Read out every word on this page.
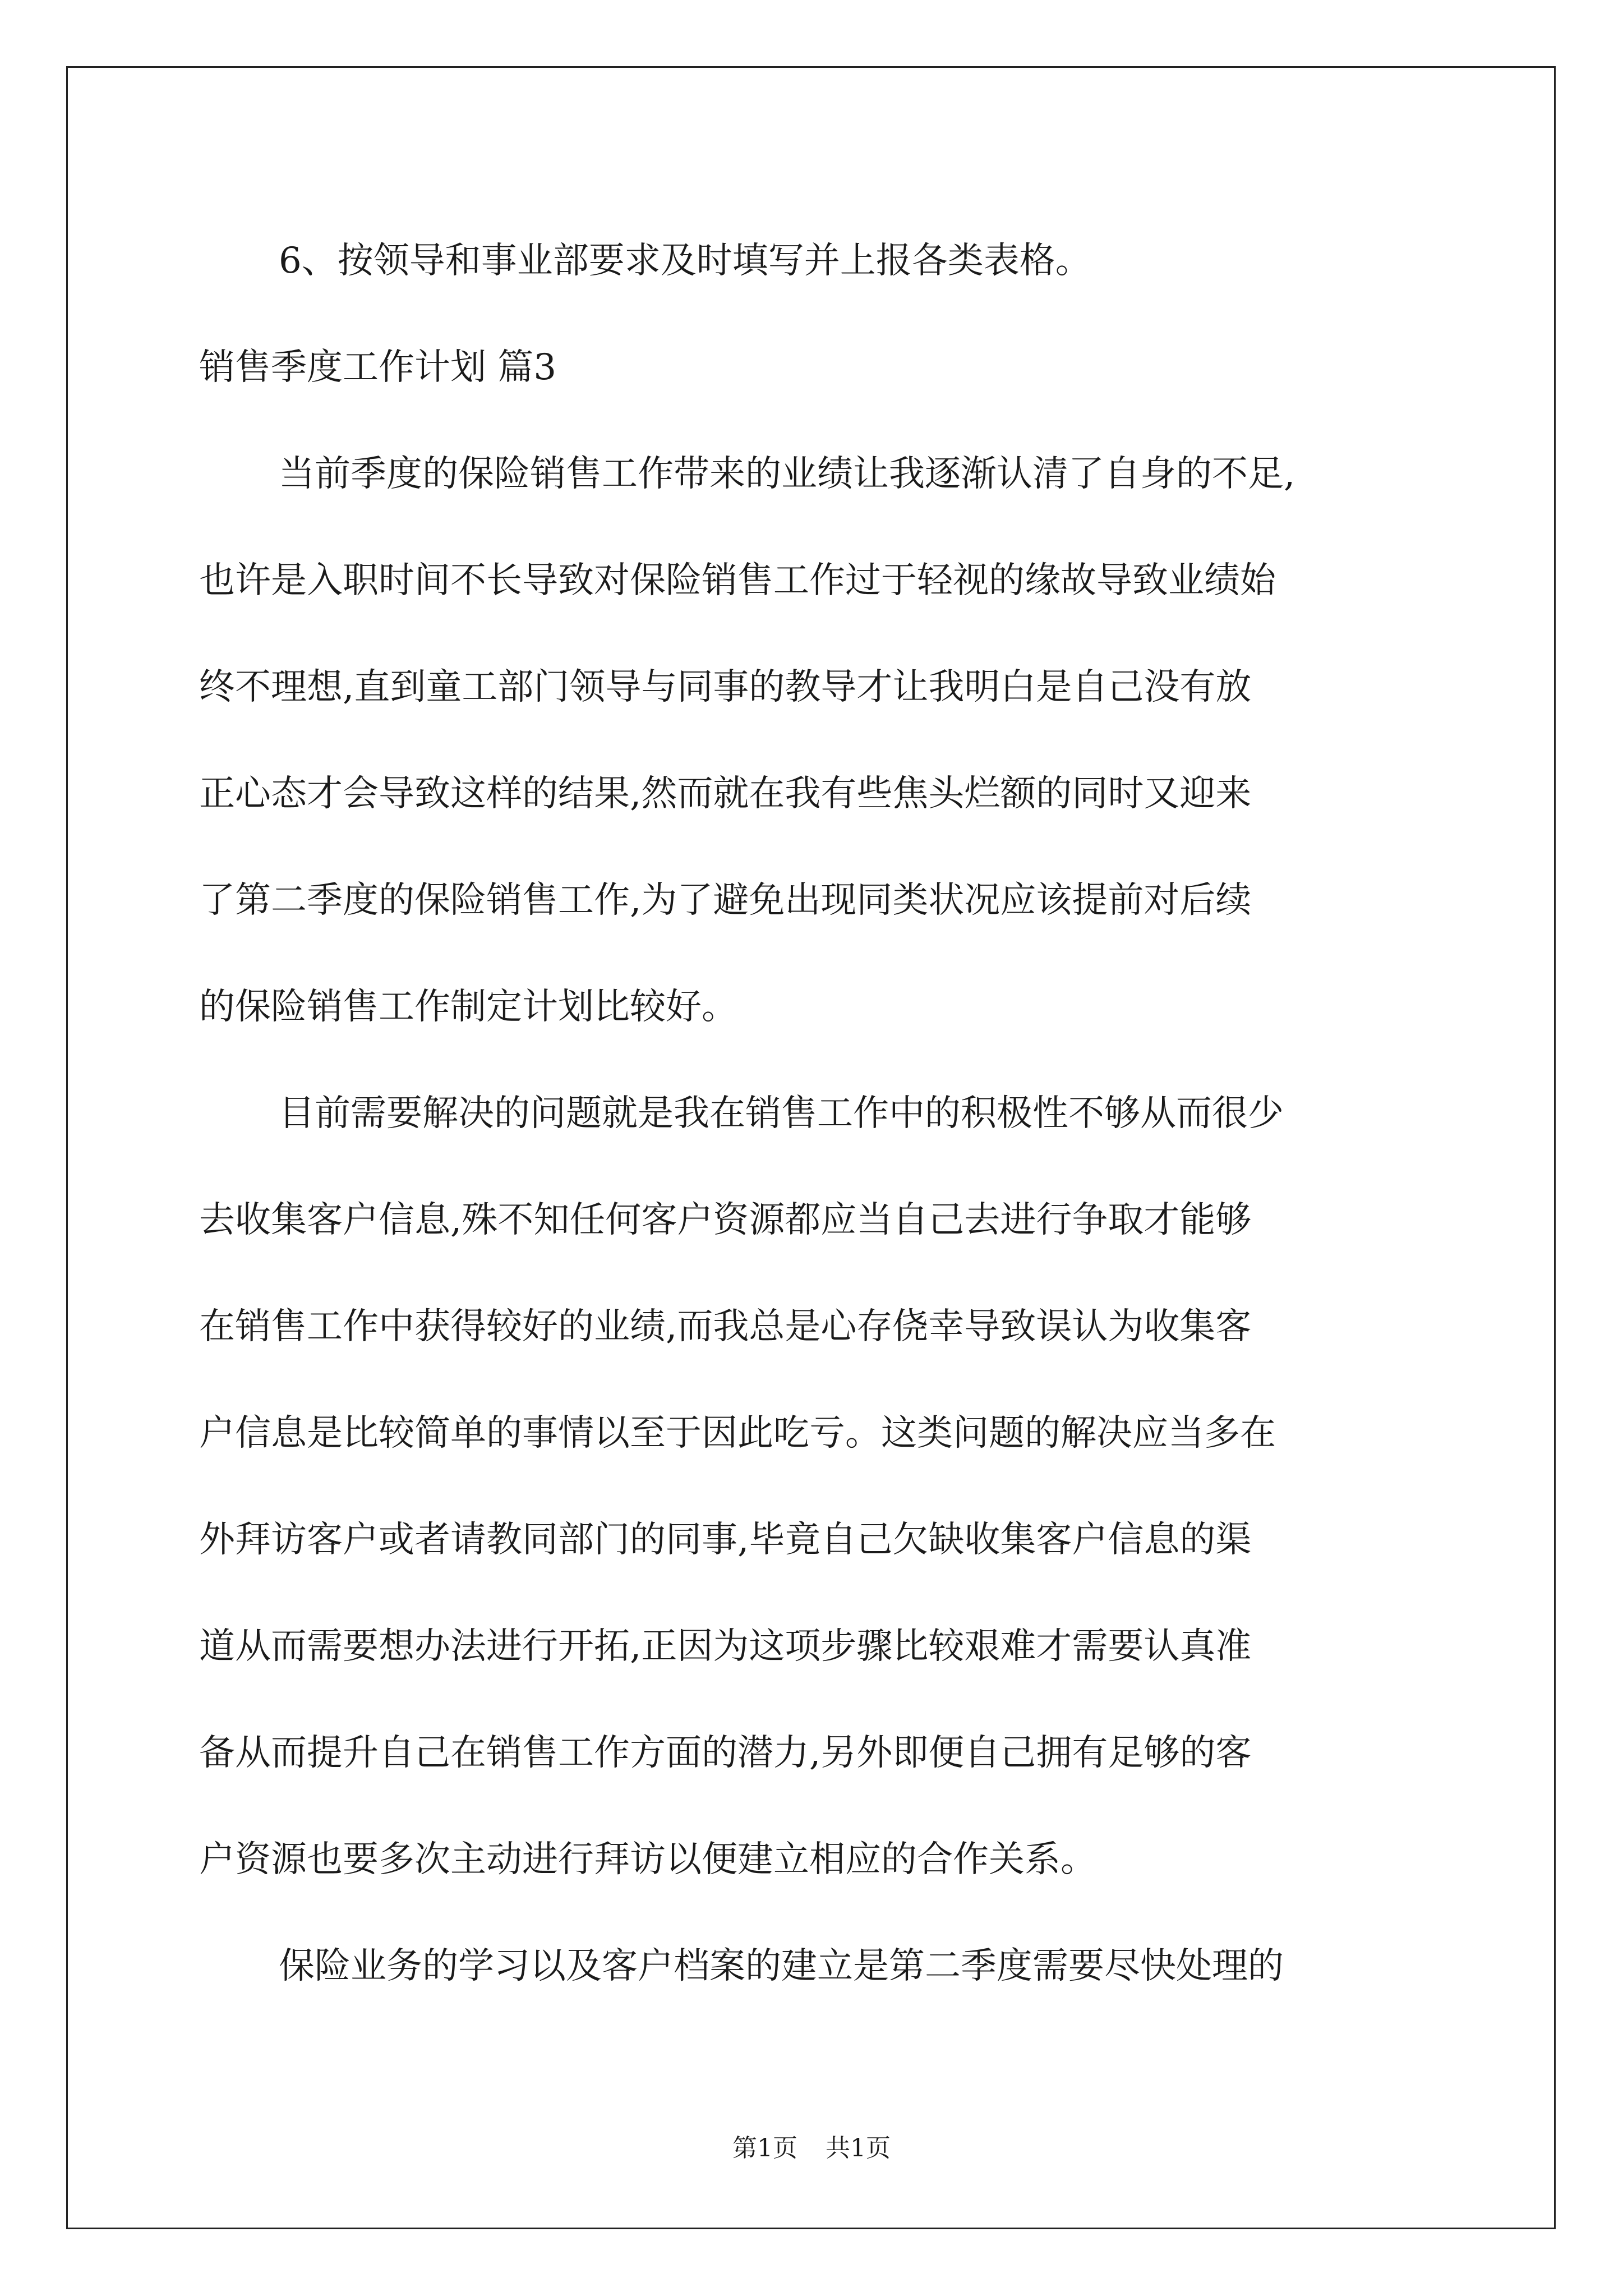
6、按领导和事业部要求及时填写并上报各类表格。
销售季度工作计划 篇3
当前季度的保险销售工作带来的业绩让我逐渐认清了自身的不足,
也许是入职时间不长导致对保险销售工作过于轻视的缘故导致业绩始
终不理想,直到童工部门领导与同事的教导才让我明白是自己没有放
正心态才会导致这样的结果,然而就在我有些焦头烂额的同时又迎来
了第二季度的保险销售工作,为了避免出现同类状况应该提前对后续
的保险销售工作制定计划比较好。
目前需要解决的问题就是我在销售工作中的积极性不够从而很少
去收集客户信息,殊不知任何客户资源都应当自己去进行争取才能够
在销售工作中获得较好的业绩,而我总是心存侥幸导致误认为收集客
户信息是比较简单的事情以至于因此吃亏。这类问题的解决应当多在
外拜访客户或者请教同部门的同事,毕竟自己欠缺收集客户信息的渠
道从而需要想办法进行开拓,正因为这项步骤比较艰难才需要认真准
备从而提升自己在销售工作方面的潜力,另外即便自己拥有足够的客
户资源也要多次主动进行拜访以便建立相应的合作关系。
保险业务的学习以及客户档案的建立是第二季度需要尽快处理的
第1页 共1页
